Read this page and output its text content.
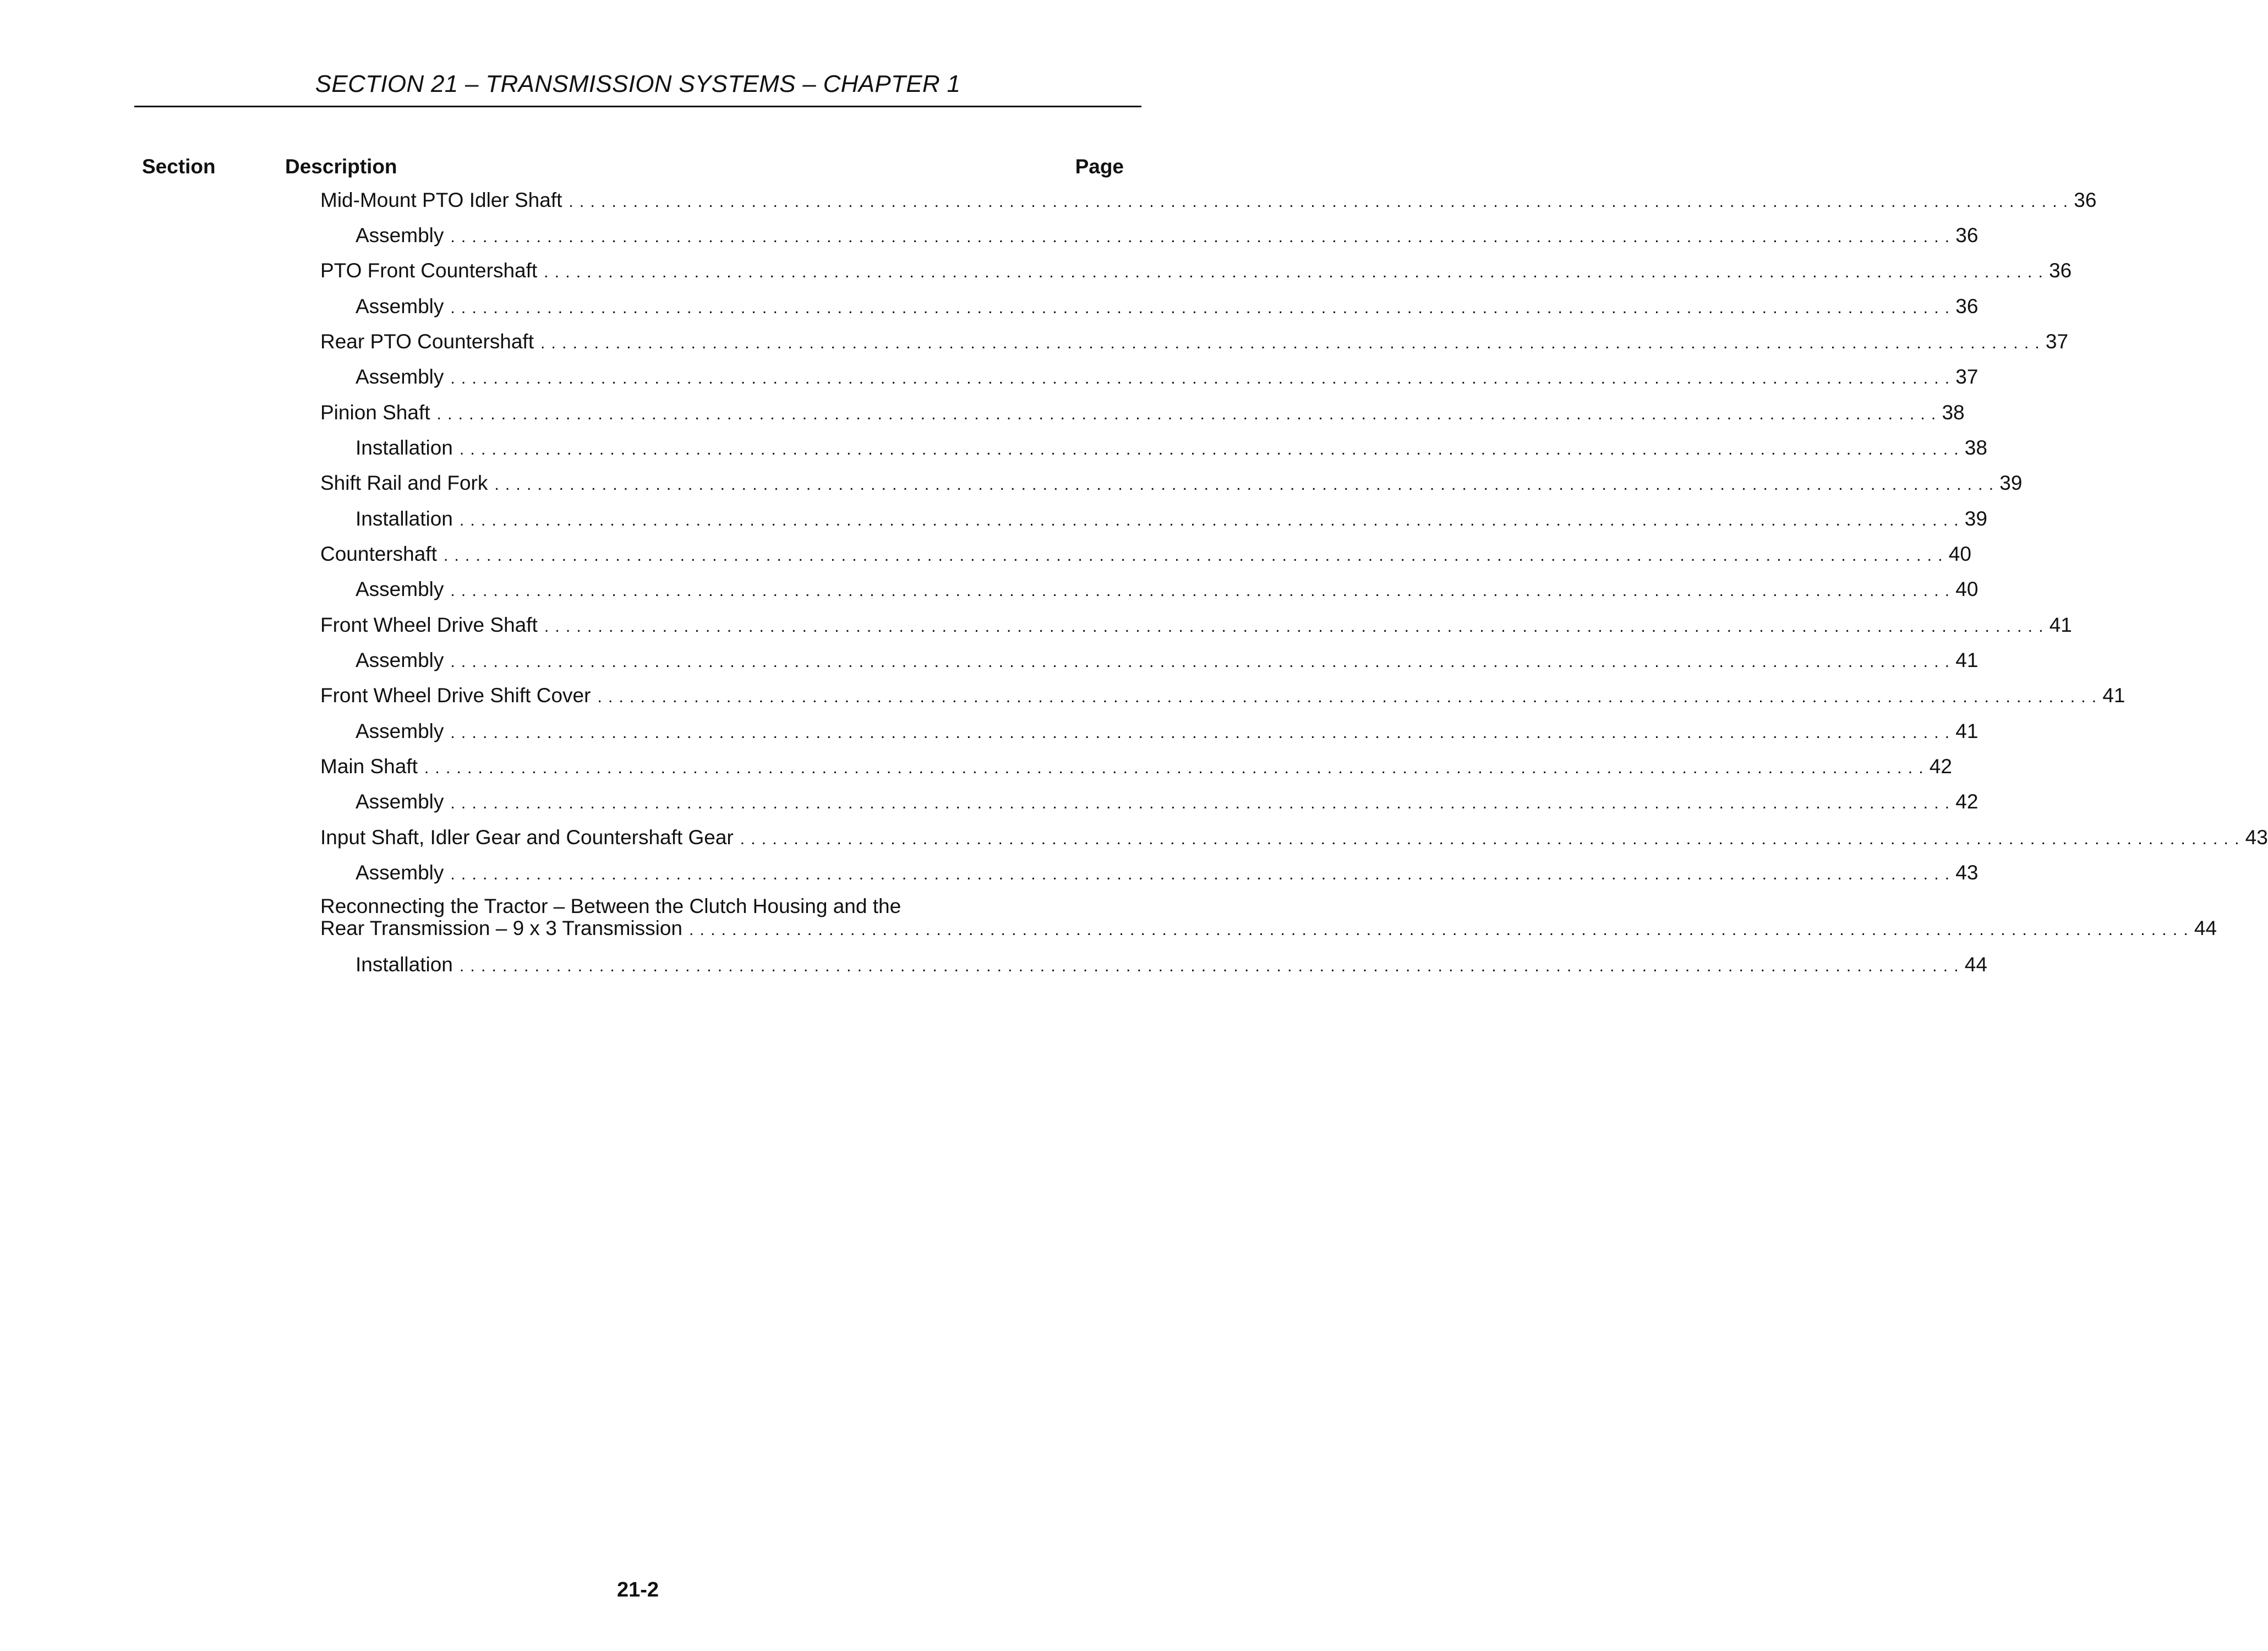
SECTION 21 – TRANSMISSION SYSTEMS – CHAPTER 1
Section	Description	Page
Mid-Mount PTO Idler Shaft ............................................................................................................................................ 36
Assembly ............................................................................................................................................ 36
PTO Front Countershaft ............................................................................................................................................ 36
Assembly ............................................................................................................................................ 36
Rear PTO Countershaft ............................................................................................................................................ 37
Assembly ............................................................................................................................................ 37
Pinion Shaft ............................................................................................................................................ 38
Installation ............................................................................................................................................ 38
Shift Rail and Fork ............................................................................................................................................ 39
Installation ............................................................................................................................................ 39
Countershaft ............................................................................................................................................ 40
Assembly ............................................................................................................................................ 40
Front Wheel Drive Shaft ............................................................................................................................................ 41
Assembly ............................................................................................................................................ 41
Front Wheel Drive Shift Cover ............................................................................................................................................ 41
Assembly ............................................................................................................................................ 41
Main Shaft ............................................................................................................................................ 42
Assembly ............................................................................................................................................ 42
Input Shaft, Idler Gear and Countershaft Gear ............................................................................................................................................ 43
Assembly ............................................................................................................................................ 43
Reconnecting the Tractor – Between the Clutch Housing and the
Rear Transmission – 9 x 3 Transmission ............................................................................................................................................ 44
Installation ............................................................................................................................................ 44
21-2
